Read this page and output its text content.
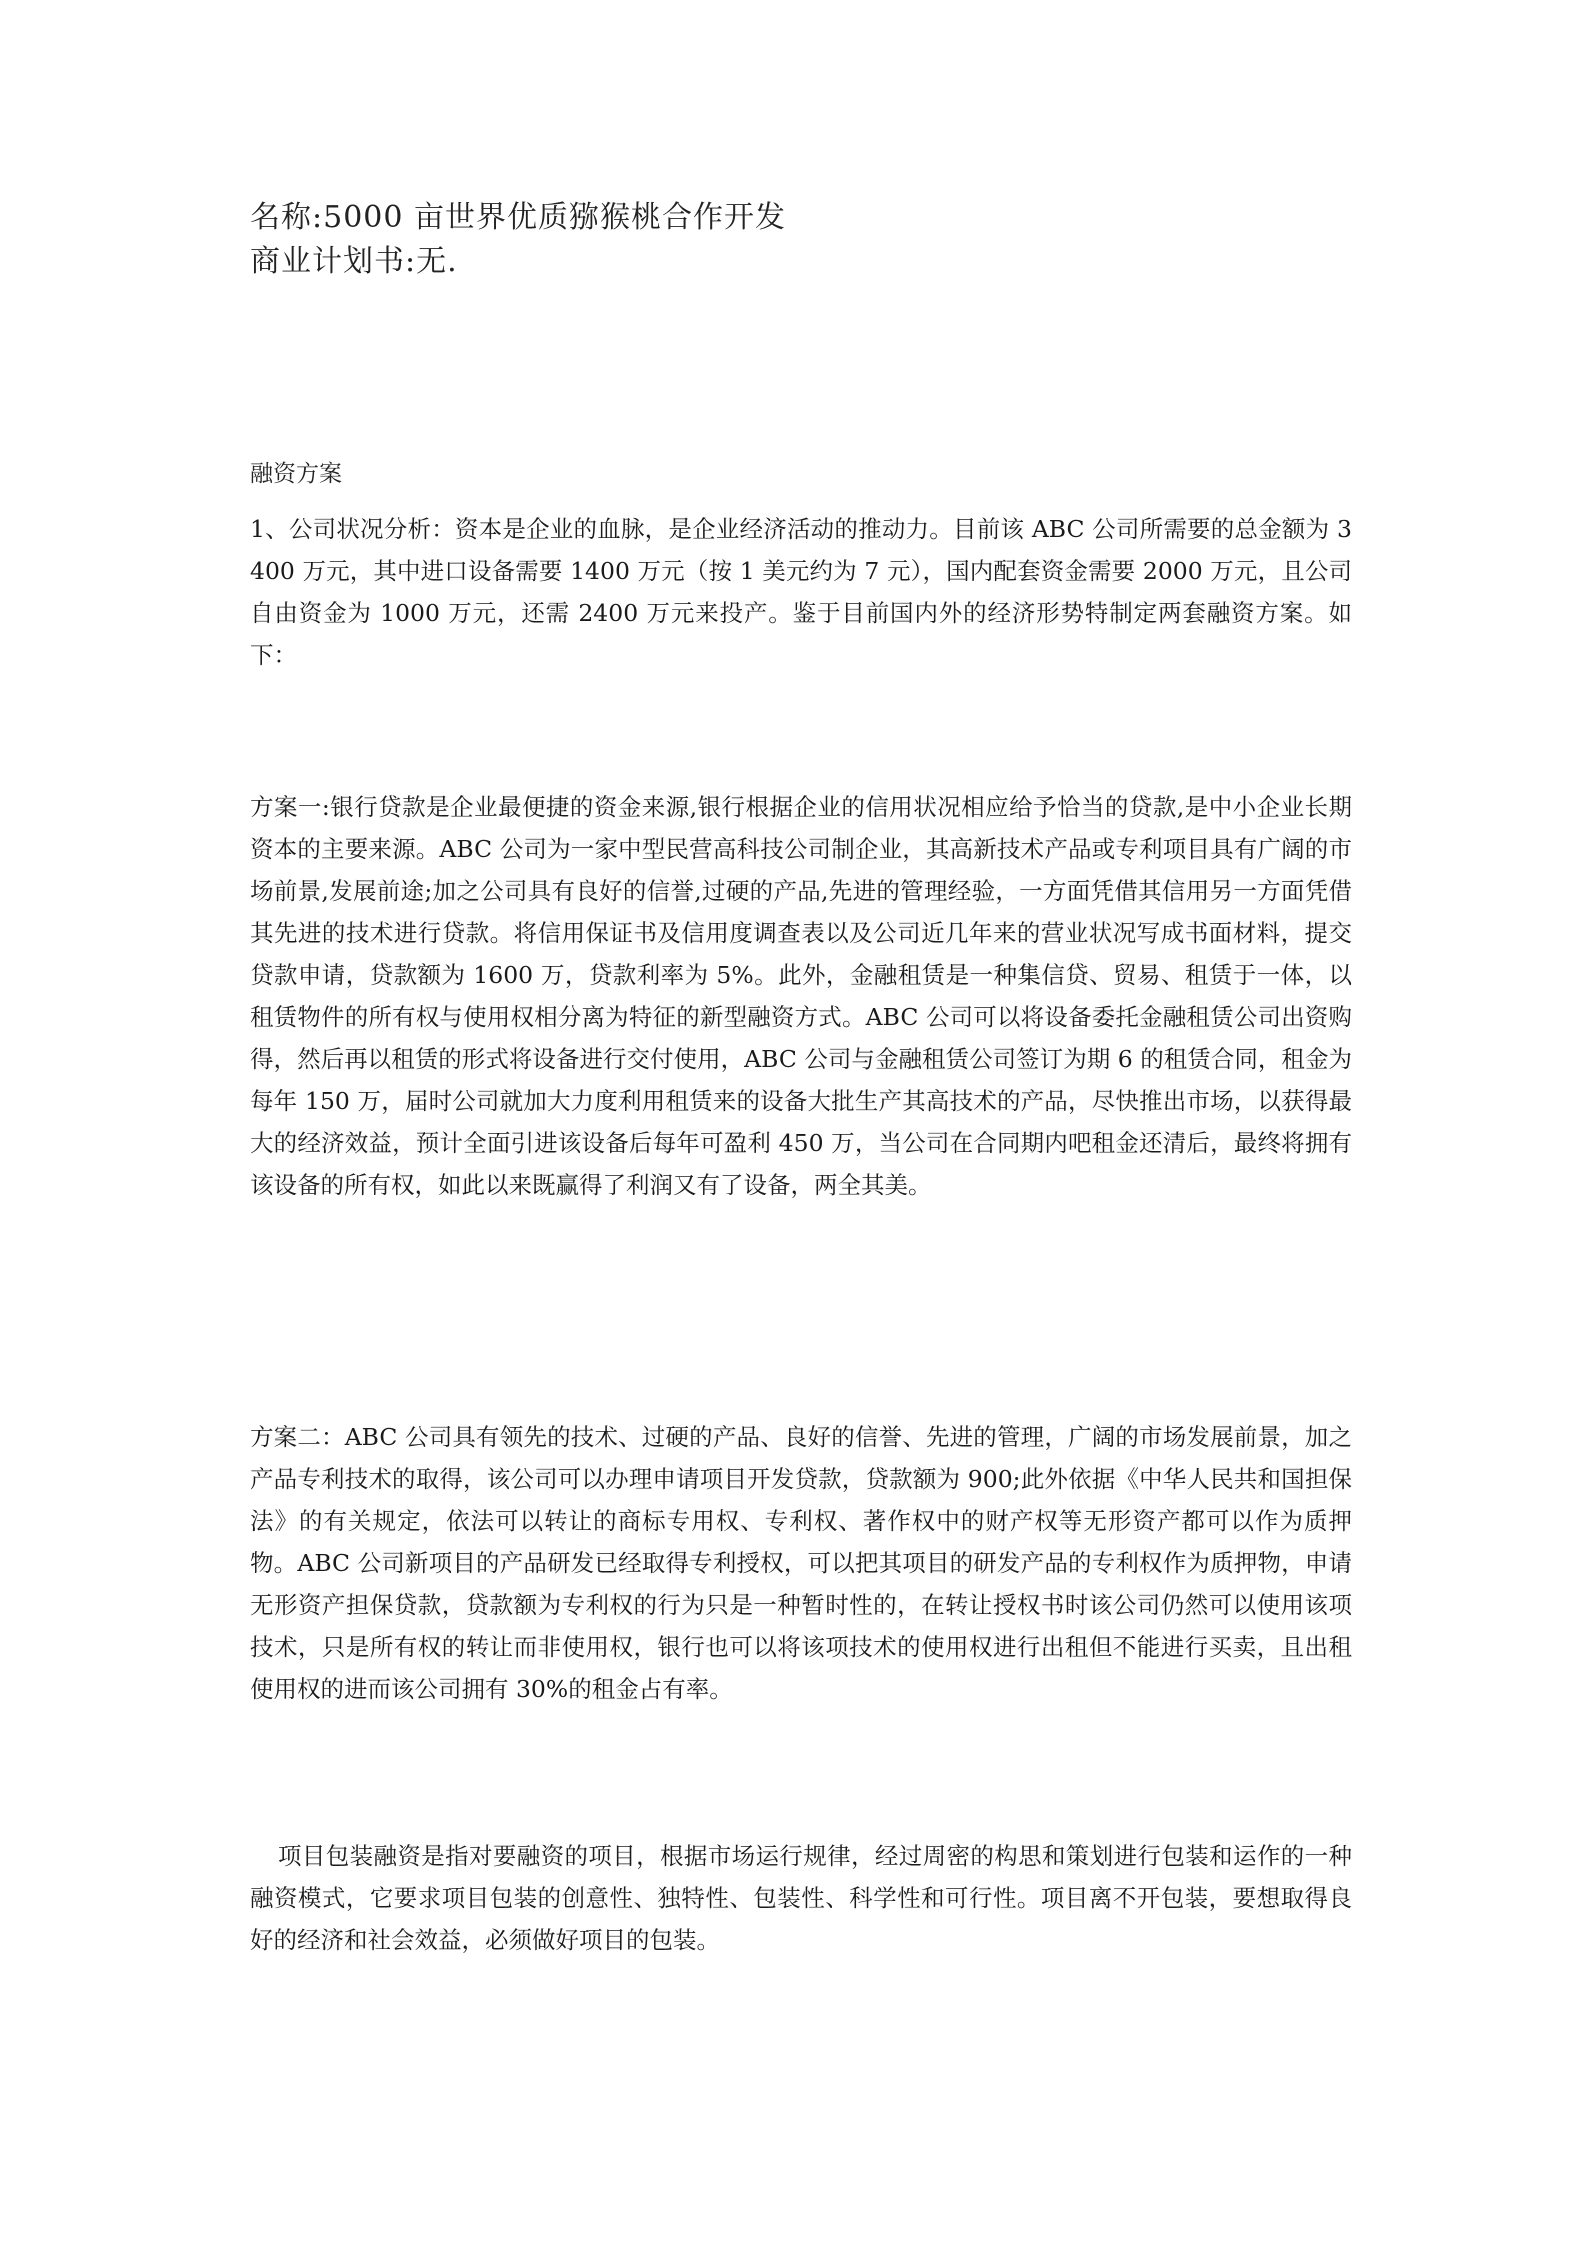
名称:5000 亩世界优质猕猴桃合作开发
商业计划书:无.
融资方案

1、公司状况分析：资本是企业的血脉，是企业经济活动的推动力。目前该 ABC 公司所需要的总金额为 3400 万元，其中进口设备需要 1400 万元（按 1 美元约为 7 元），国内配套资金需要 2000 万元，且公司自由资金为 1000 万元，还需 2400 万元来投产。鉴于目前国内外的经济形势特制定两套融资方案。如下：

方案一:银行贷款是企业最便捷的资金来源,银行根据企业的信用状况相应给予恰当的贷款,是中小企业长期资本的主要来源。ABC 公司为一家中型民营高科技公司制企业，其高新技术产品或专利项目具有广阔的市场前景,发展前途;加之公司具有良好的信誉,过硬的产品,先进的管理经验，一方面凭借其信用另一方面凭借其先进的技术进行贷款。将信用保证书及信用度调查表以及公司近几年来的营业状况写成书面材料，提交贷款申请，贷款额为 1600 万，贷款利率为 5%。此外，金融租赁是一种集信贷、贸易、租赁于一体，以租赁物件的所有权与使用权相分离为特征的新型融资方式。ABC 公司可以将设备委托金融租赁公司出资购得，然后再以租赁的形式将设备进行交付使用，ABC 公司与金融租赁公司签订为期 6 的租赁合同，租金为每年 150 万，届时公司就加大力度利用租赁来的设备大批生产其高技术的产品，尽快推出市场，以获得最大的经济效益，预计全面引进该设备后每年可盈利 450 万，当公司在合同期内吧租金还清后，最终将拥有该设备的所有权，如此以来既赢得了利润又有了设备，两全其美。

方案二：ABC 公司具有领先的技术、过硬的产品、良好的信誉、先进的管理，广阔的市场发展前景，加之产品专利技术的取得，该公司可以办理申请项目开发贷款，贷款额为 900;此外依据《中华人民共和国担保法》的有关规定，依法可以转让的商标专用权、专利权、著作权中的财产权等无形资产都可以作为质押物。ABC 公司新项目的产品研发已经取得专利授权，可以把其项目的研发产品的专利权作为质押物，申请无形资产担保贷款，贷款额为专利权的行为只是一种暂时性的，在转让授权书时该公司仍然可以使用该项技术，只是所有权的转让而非使用权，银行也可以将该项技术的使用权进行出租但不能进行买卖，且出租使用权的进而该公司拥有 30%的租金占有率。

项目包装融资是指对要融资的项目，根据市场运行规律，经过周密的构思和策划进行包装和运作的一种融资模式，它要求项目包装的创意性、独特性、包装性、科学性和可行性。项目离不开包装，要想取得良好的经济和社会效益，必须做好项目的包装。
